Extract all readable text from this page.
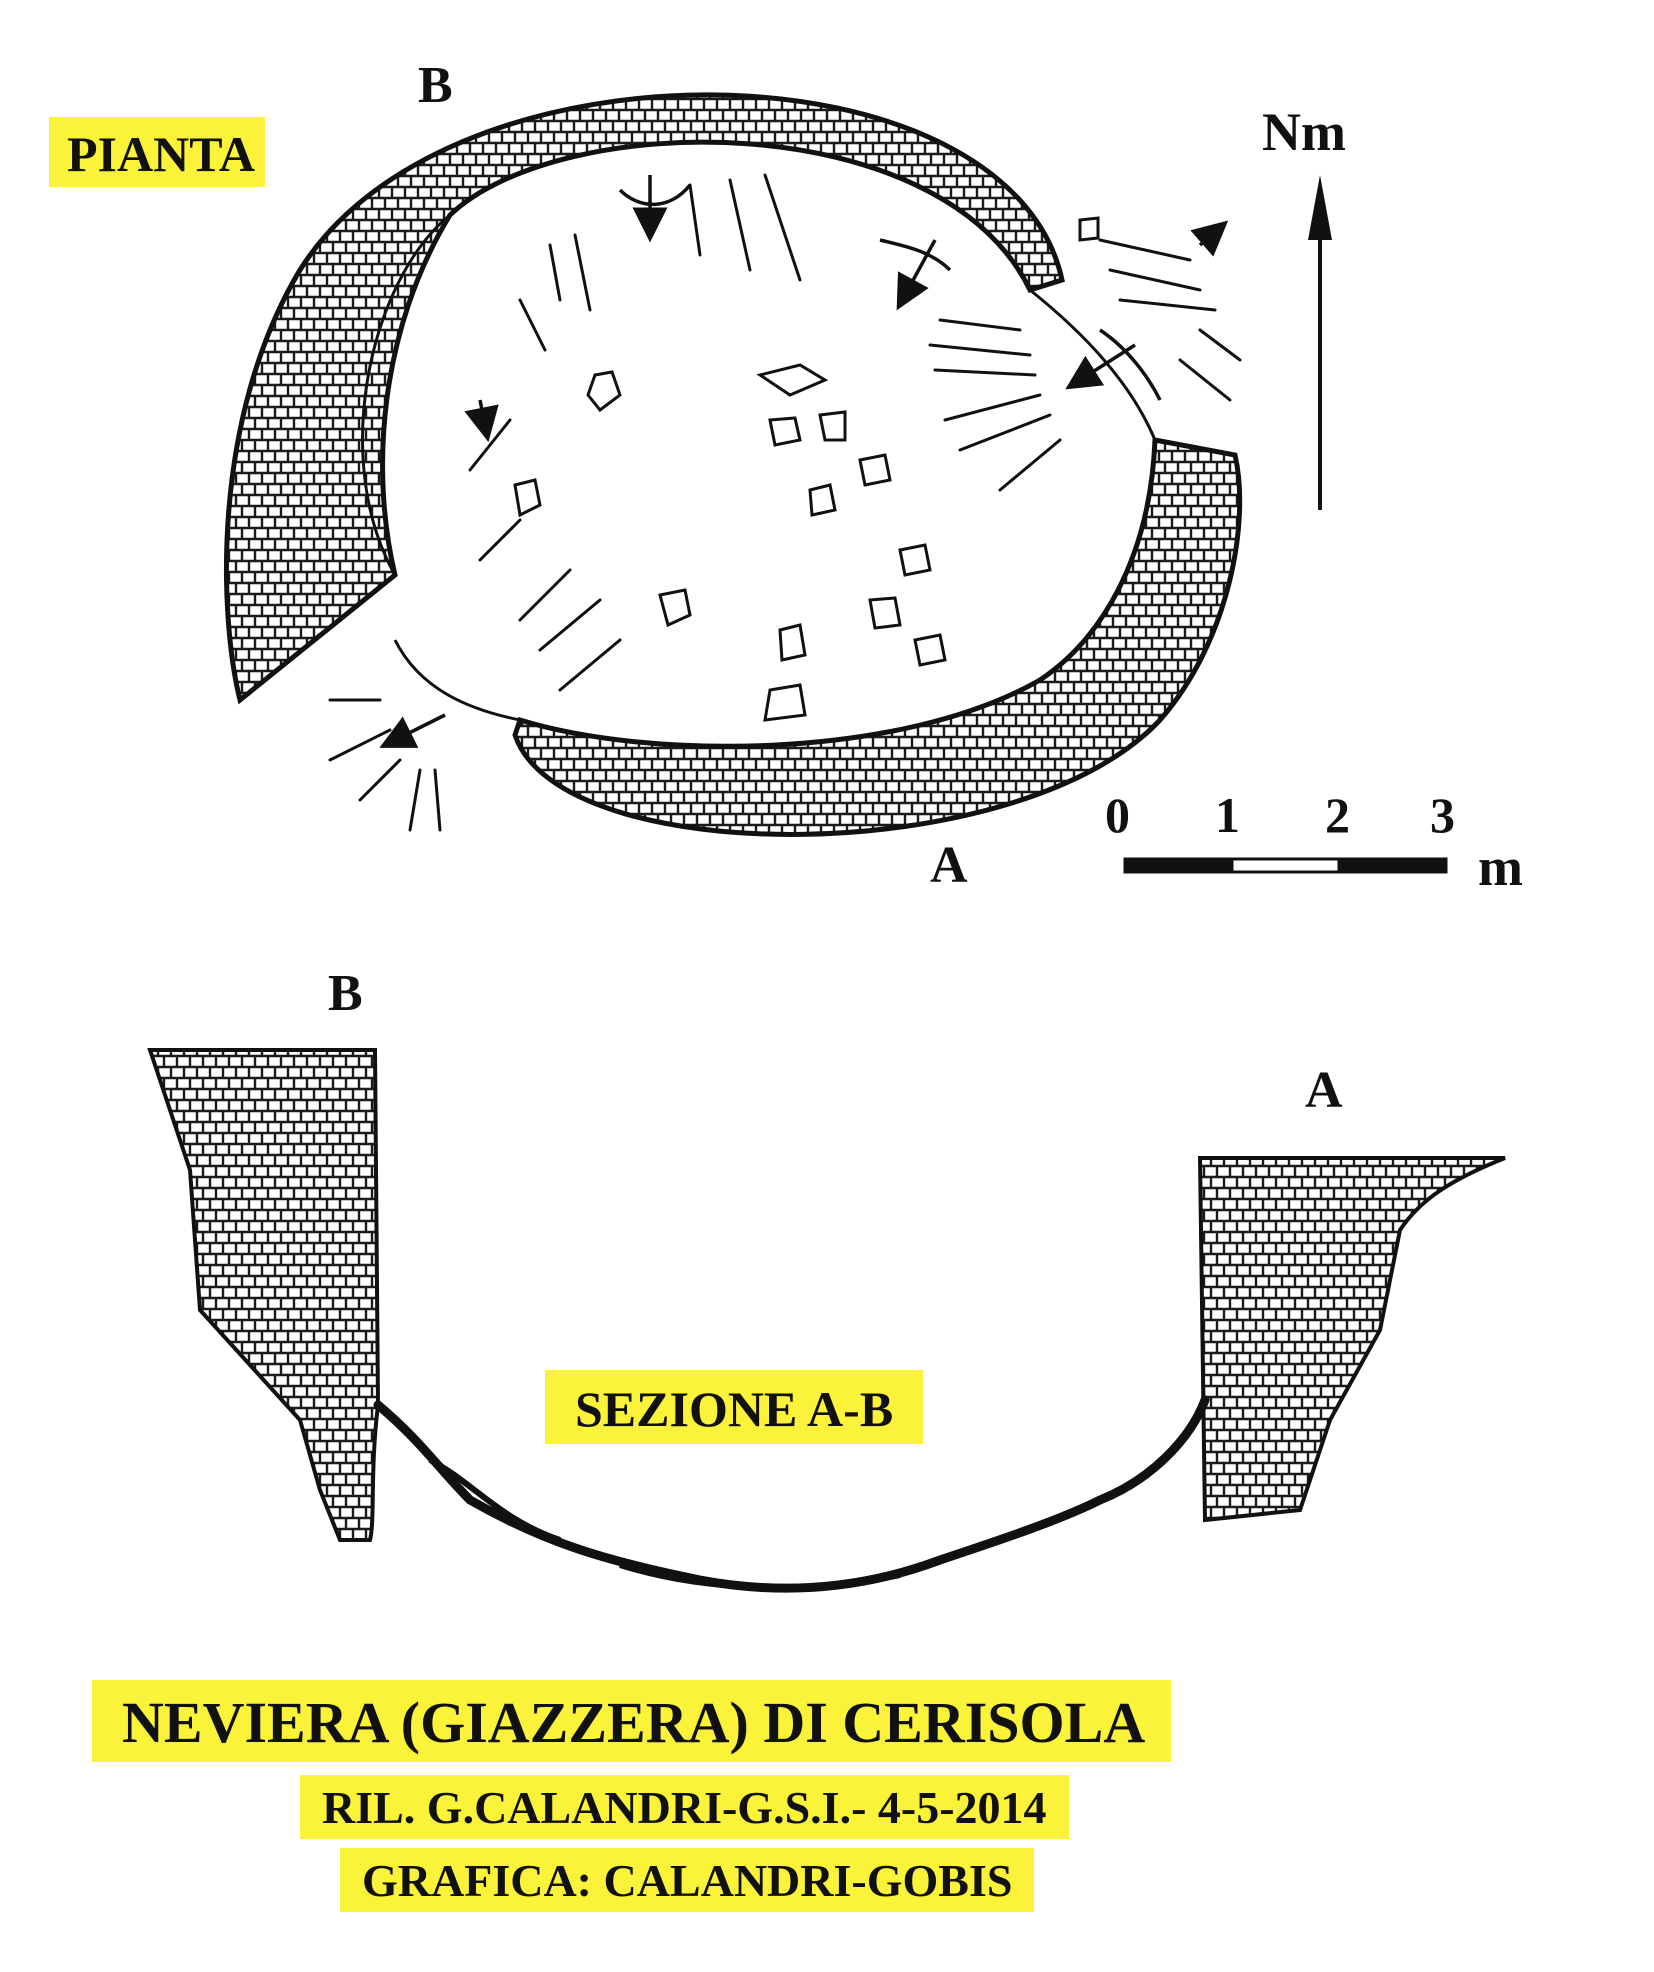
PIANTA
B
A
Nm
0 1 2 3
m
B
A
SEZIONE A-B
NEVIERA (GIAZZERA) DI CERISOLA
RIL. G.CALANDRI-G.S.I.- 4-5-2014
GRAFICA: CALANDRI-GOBIS
